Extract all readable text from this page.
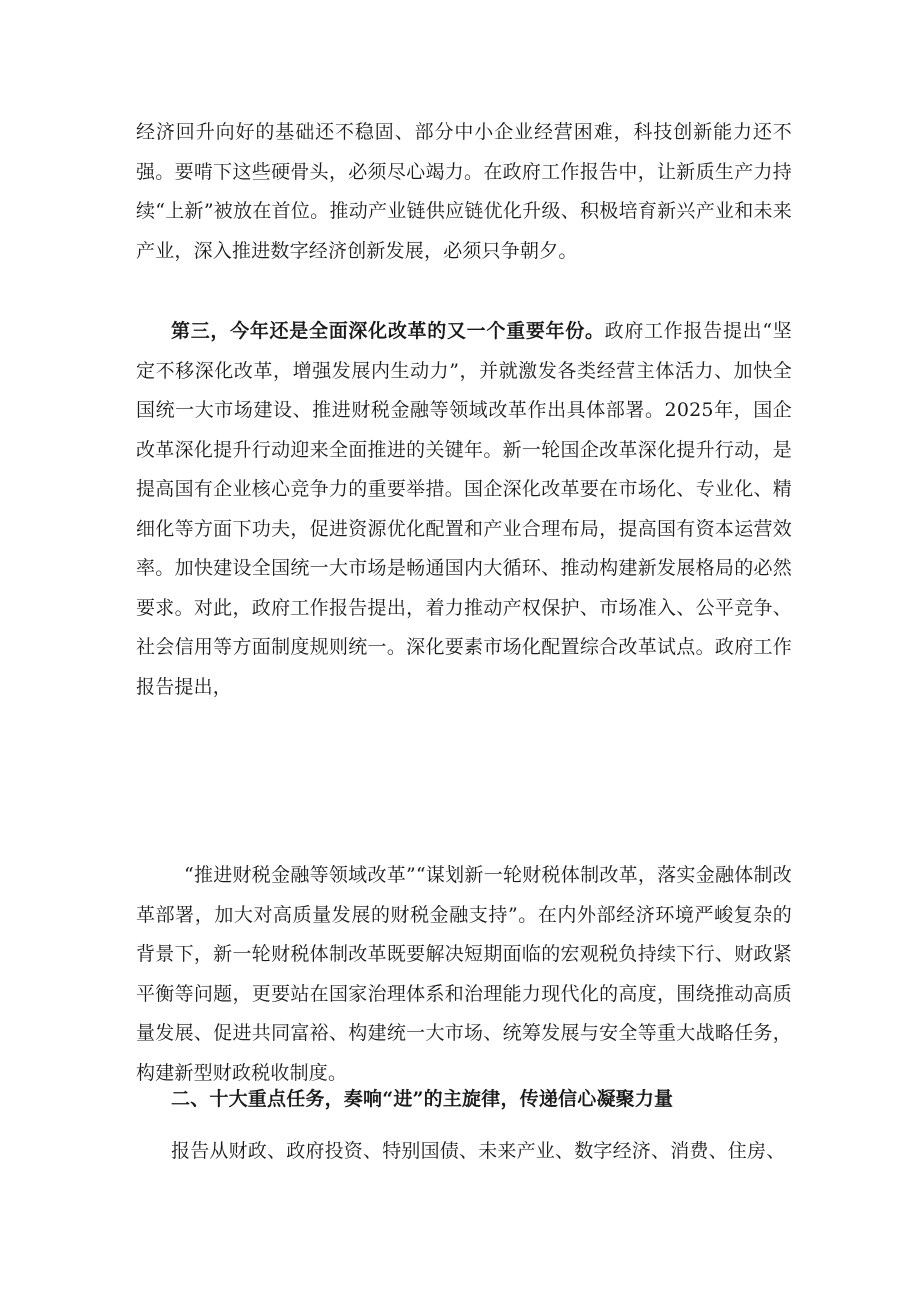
经济回升向好的基础还不稳固、部分中小企业经营困难，科技创新能力还不强。要啃下这些硬骨头，必须尽心竭力。在政府工作报告中，让新质生产力持续“上新”被放在首位。推动产业链供应链优化升级、积极培育新兴产业和未来产业，深入推进数字经济创新发展，必须只争朝夕。

第三，今年还是全面深化改革的又一个重要年份。政府工作报告提出“坚定不移深化改革，增强发展内生动力”，并就激发各类经营主体活力、加快全国统一大市场建设、推进财税金融等领域改革作出具体部署。2025年，国企改革深化提升行动迎来全面推进的关键年。新一轮国企改革深化提升行动，是提高国有企业核心竞争力的重要举措。国企深化改革要在市场化、专业化、精细化等方面下功夫，促进资源优化配置和产业合理布局，提高国有资本运营效率。加快建设全国统一大市场是畅通国内大循环、推动构建新发展格局的必然要求。对此，政府工作报告提出，着力推动产权保护、市场准入、公平竞争、社会信用等方面制度规则统一。深化要素市场化配置综合改革试点。政府工作报告提出，

“推进财税金融等领域改革”“谋划新一轮财税体制改革，落实金融体制改革部署，加大对高质量发展的财税金融支持”。在内外部经济环境严峻复杂的背景下，新一轮财税体制改革既要解决短期面临的宏观税负持续下行、财政紧平衡等问题，更要站在国家治理体系和治理能力现代化的高度，围绕推动高质量发展、促进共同富裕、构建统一大市场、统筹发展与安全等重大战略任务，构建新型财政税收制度。

二、十大重点任务，奏响“进”的主旋律，传递信心凝聚力量

报告从财政、政府投资、特别国债、未来产业、数字经济、消费、住房、
